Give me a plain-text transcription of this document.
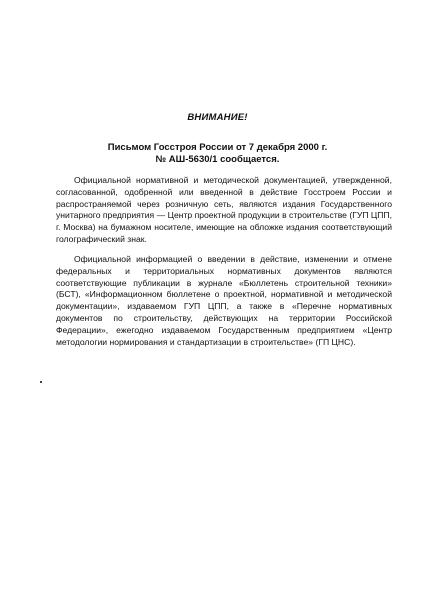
ВНИМАНИЕ!
Письмом Госстроя России от 7 декабря 2000 г.
№ АШ-5630/1 сообщается.

Официальной нормативной и методической документацией, утвержденной, согласованной, одобренной или введенной в действие Госстроем России и распространяемой через розничную сеть, являются издания Государственного унитарного предприятия — Центр проектной продукции в строительстве (ГУП ЦПП, г. Москва) на бумажном носителе, имеющие на обложке издания соответствующий голографический знак.

Официальной информацией о введении в действие, изменении и отмене федеральных и территориальных нормативных документов являются соответствующие публикации в журнале «Бюллетень строительной техники» (БСТ), «Информационном бюллетене о проектной, нормативной и методической документации», издаваемом ГУП ЦПП, а также в «Перечне нормативных документов по строительству, действующих на территории Российской Федерации», ежегодно издаваемом Государственным предприятием «Центр методологии нормирования и стандартизации в строительстве» (ГП ЦНС).
